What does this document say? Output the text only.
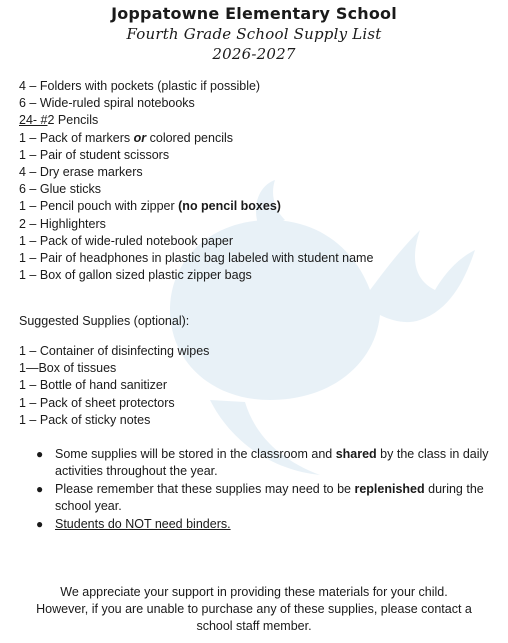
Joppatowne Elementary School
Fourth Grade School Supply List
2026-2027
4 – Folders with pockets (plastic if possible)
6 – Wide-ruled spiral notebooks
24- #2 Pencils
1 – Pack of markers or colored pencils
1 – Pair of student scissors
4 – Dry erase markers
6 – Glue sticks
1 – Pencil pouch with zipper (no pencil boxes)
2 – Highlighters
1 – Pack of wide-ruled notebook paper
1 – Pair of headphones in plastic bag labeled with student name
1 – Box of gallon sized plastic zipper bags
Suggested Supplies (optional):
1 – Container of disinfecting wipes
1—Box of tissues
1 – Bottle of hand sanitizer
1 – Pack of sheet protectors
1 – Pack of sticky notes
● Some supplies will be stored in the classroom and shared by the class in daily activities throughout the year.
● Please remember that these supplies may need to be replenished during the school year.
● Students do NOT need binders.
We appreciate your support in providing these materials for your child.
However, if you are unable to purchase any of these supplies, please contact a
school staff member.
